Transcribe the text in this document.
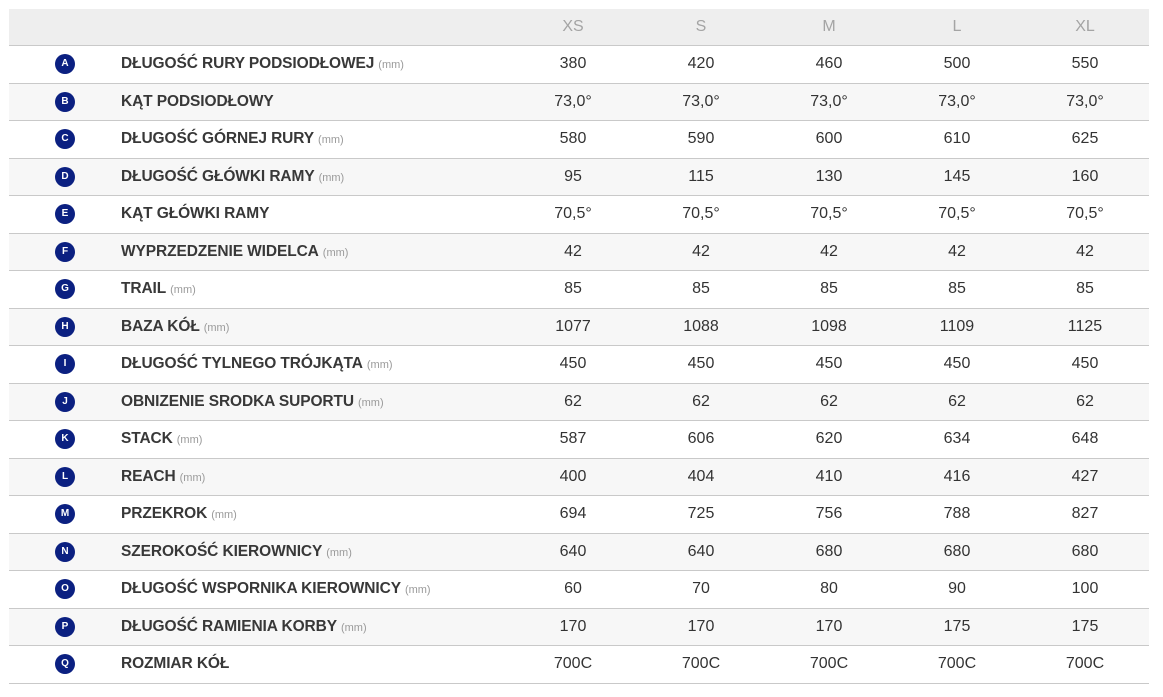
		XS	S	M	L	XL
A	DŁUGOŚĆ RURY PODSIODŁOWEJ (mm)	380	420	460	500	550
B	KĄT PODSIODŁOWY	73,0°	73,0°	73,0°	73,0°	73,0°
C	DŁUGOŚĆ GÓRNEJ RURY (mm)	580	590	600	610	625
D	DŁUGOŚĆ GŁÓWKI RAMY (mm)	95	115	130	145	160
E	KĄT GŁÓWKI RAMY	70,5°	70,5°	70,5°	70,5°	70,5°
F	WYPRZEDZENIE WIDELCA (mm)	42	42	42	42	42
G	TRAIL (mm)	85	85	85	85	85
H	BAZA KÓŁ (mm)	1077	1088	1098	1109	1125
I	DŁUGOŚĆ TYLNEGO TRÓJKĄTA (mm)	450	450	450	450	450
J	OBNIZENIE SRODKA SUPORTU (mm)	62	62	62	62	62
K	STACK (mm)	587	606	620	634	648
L	REACH (mm)	400	404	410	416	427
M	PRZEKROK (mm)	694	725	756	788	827
N	SZEROKOŚĆ KIEROWNICY (mm)	640	640	680	680	680
O	DŁUGOŚĆ WSPORNIKA KIEROWNICY (mm)	60	70	80	90	100
P	DŁUGOŚĆ RAMIENIA KORBY (mm)	170	170	170	175	175
Q	ROZMIAR KÓŁ	700C	700C	700C	700C	700C
